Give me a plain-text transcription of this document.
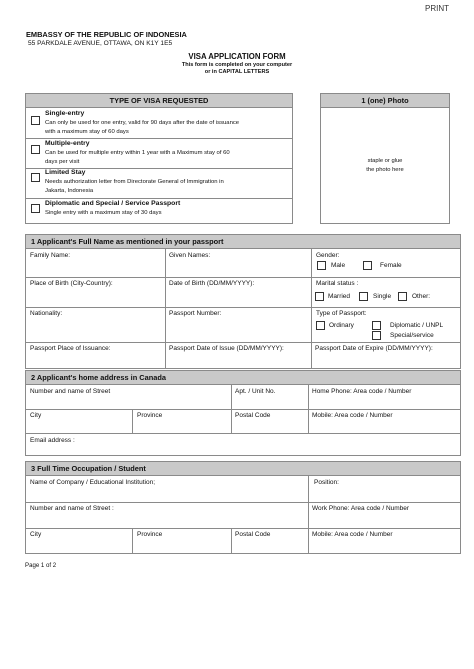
PRINT
EMBASSY OF THE REPUBLIC OF INDONESIA
55 PARKDALE AVENUE, OTTAWA, ON K1Y 1E5
VISA APPLICATION FORM
This form is completed on your computer
or in CAPITAL LETTERS
TYPE OF VISA REQUESTED
Single-entry
Can only be used for one entry, valid for 90 days after the date of issuance
with a maximum stay of 60 days
Multiple-entry
Can be used for multiple entry within 1 year with a Maximum stay of 60
days per visit
Limited Stay
Needs authorization letter from Directorate General of Immigration in
Jakarta, Indonesia
Diplomatic and Special / Service Passport
Single entry with a maximum stay of 30 days
1 (one) Photo
staple or glue
the photo here
1 Applicant's Full Name as mentioned in your passport
Family Name:	Given Names:	Gender:
Male	Female
Place of Birth (City-Country):	Date of Birth (DD/MM/YYYY):	Marital status :
Married	Single	Other:
Nationality:	Passport Number:	Type of Passport:
Ordinary	Diplomatic / UNPL
Special/service
Passport Place of Issuance:	Passport Date of Issue (DD/MM/YYYY):	Passport Date of Expire (DD/MM/YYYY):
2 Applicant's home address in Canada
Number and name of Street	Apt. / Unit No.	Home Phone: Area code / Number
City	Province	Postal Code	Mobile: Area code / Number
Email address :
3 Full Time Occupation / Student
Name of Company / Educational Institution;	Position:
Number and name of Street :	Work Phone: Area code / Number
City	Province	Postal Code	Mobile: Area code / Number
Page 1 of 2
